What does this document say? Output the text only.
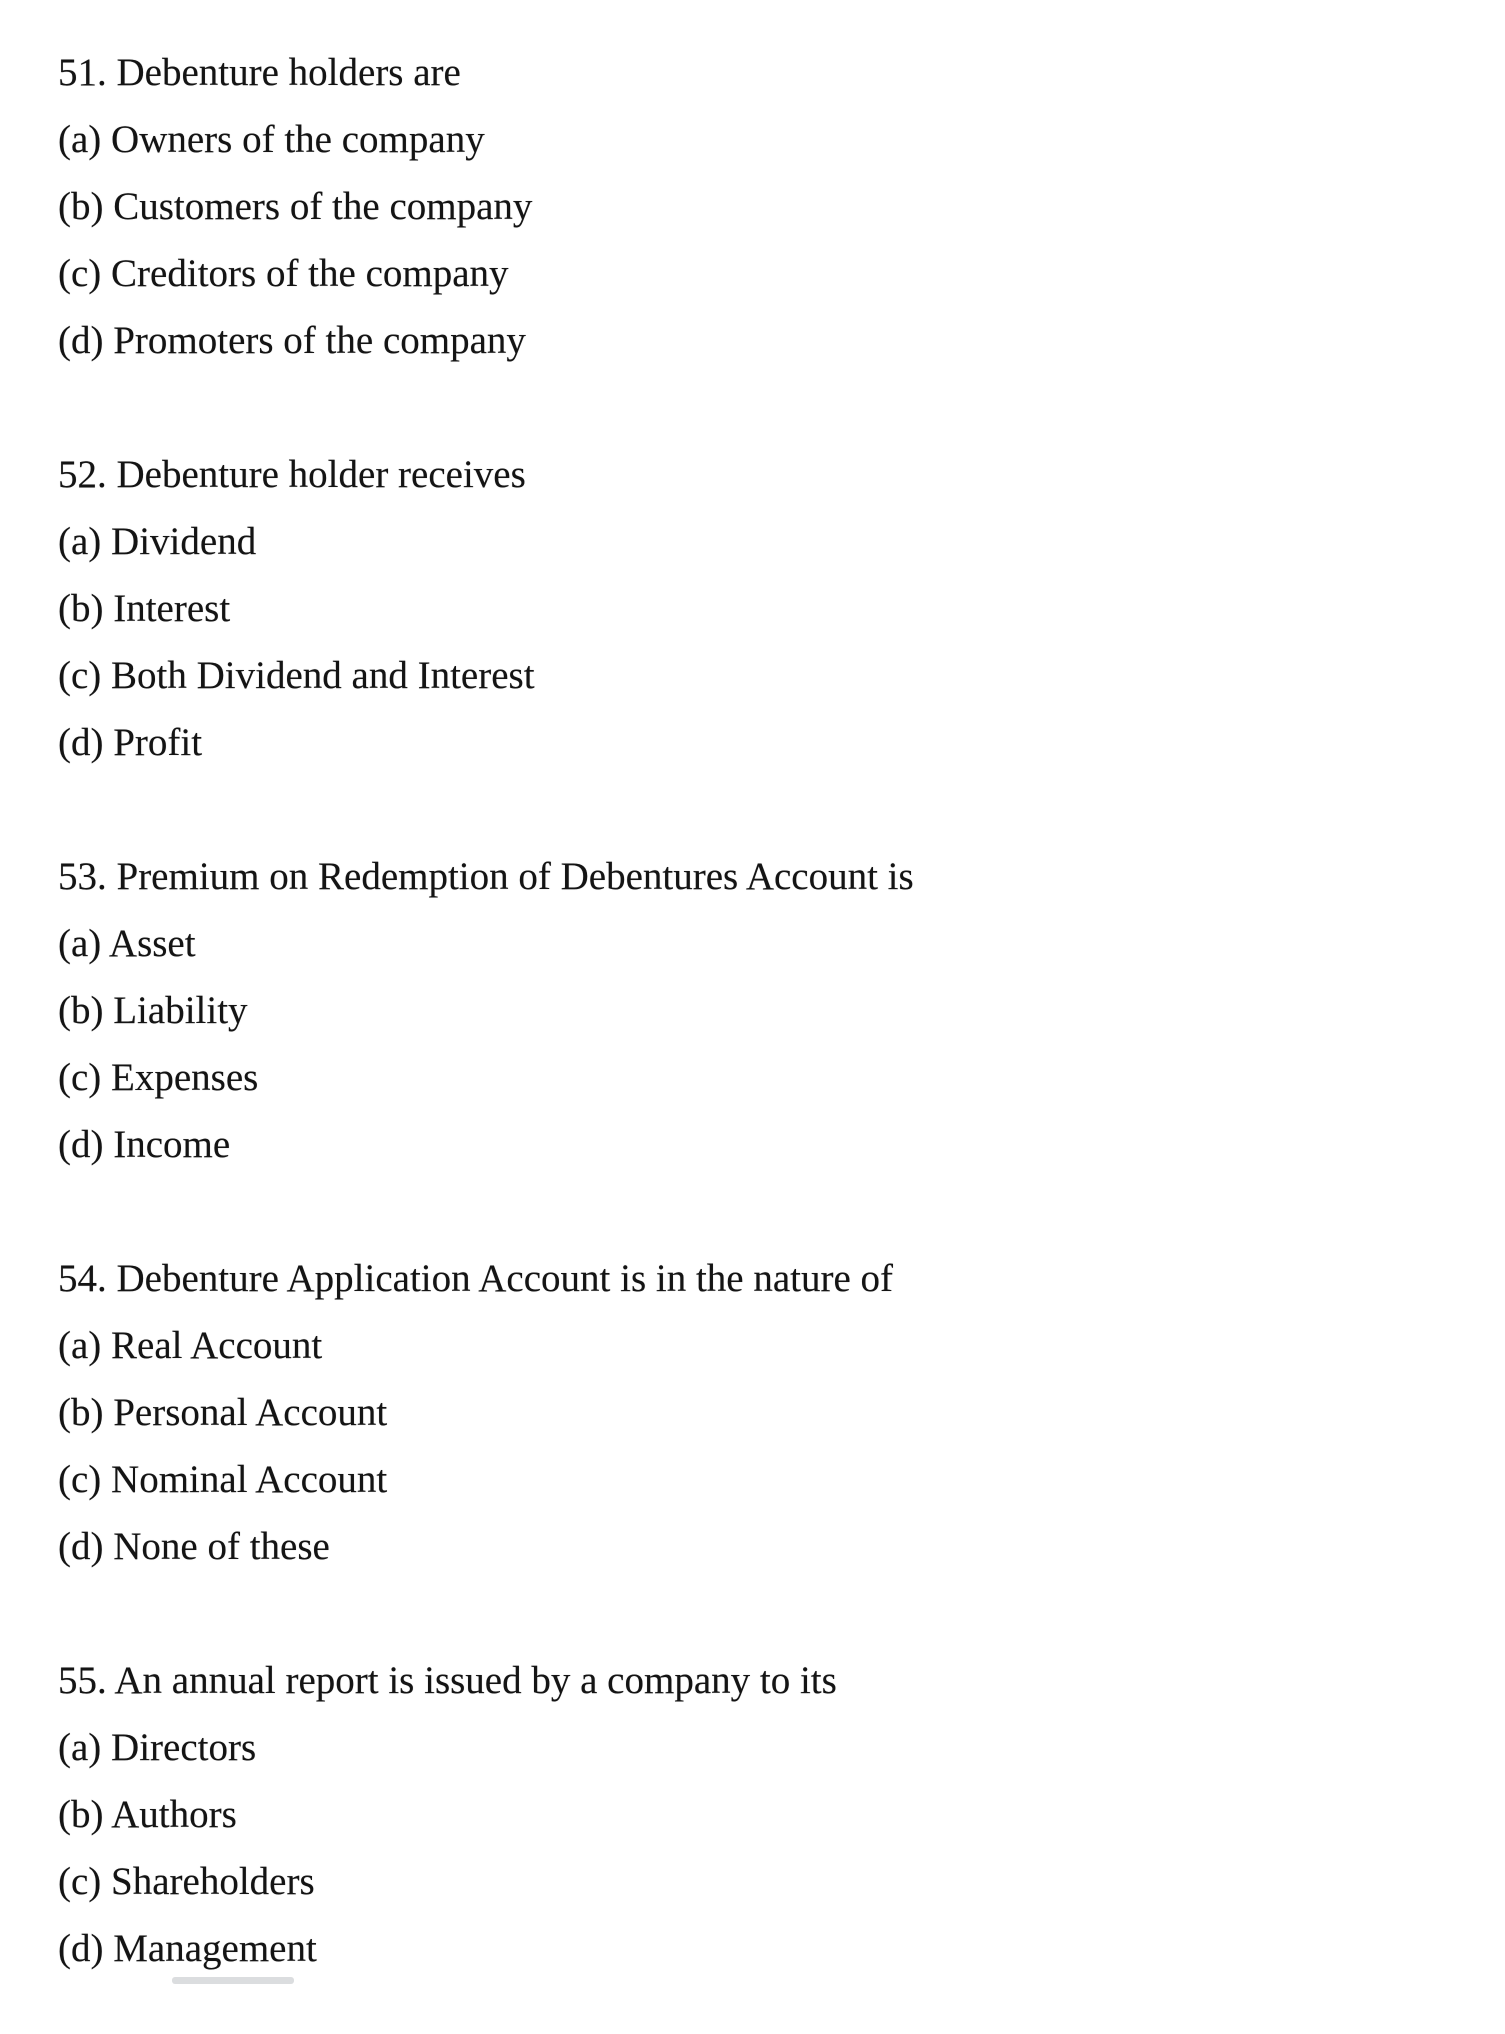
51. Debenture holders are
(a) Owners of the company
(b) Customers of the company
(c) Creditors of the company
(d) Promoters of the company
52. Debenture holder receives
(a) Dividend
(b) Interest
(c) Both Dividend and Interest
(d) Profit
53. Premium on Redemption of Debentures Account is
(a) Asset
(b) Liability
(c) Expenses
(d) Income
54. Debenture Application Account is in the nature of
(a) Real Account
(b) Personal Account
(c) Nominal Account
(d) None of these
55. An annual report is issued by a company to its
(a) Directors
(b) Authors
(c) Shareholders
(d) Management
